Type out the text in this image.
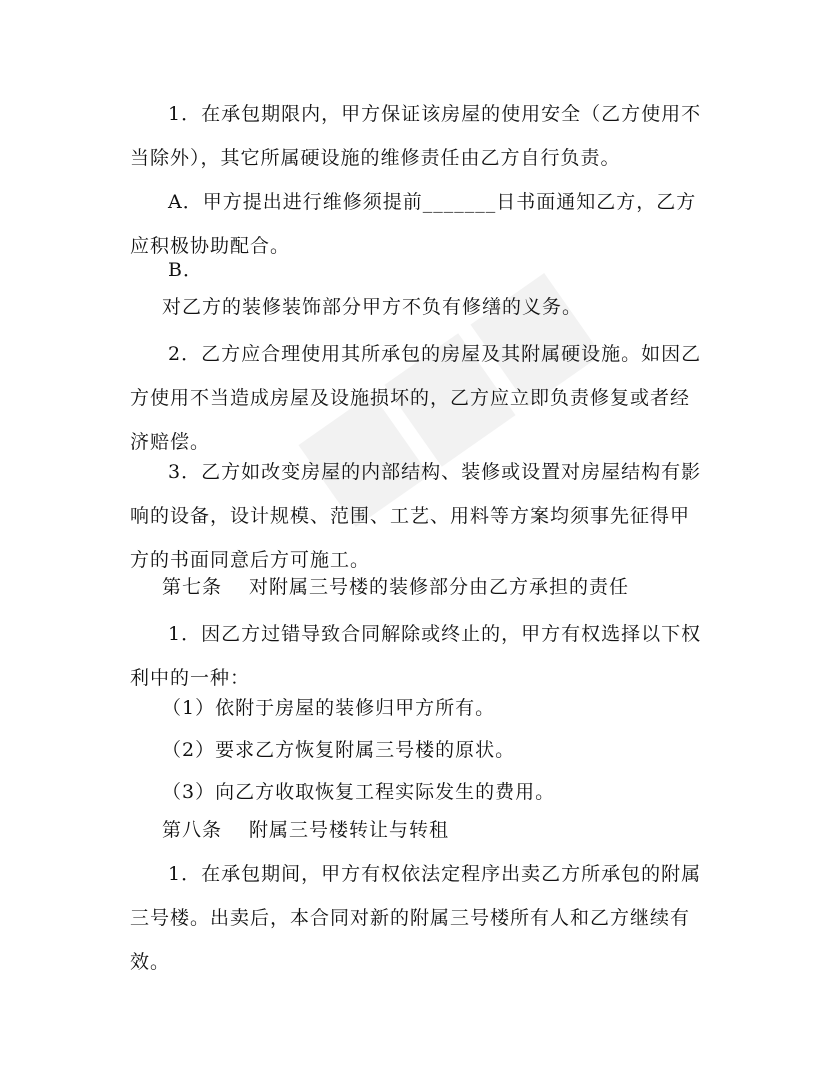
1．在承包期限内，甲方保证该房屋的使用安全（乙方使用不当除外），其它所属硬设施的维修责任由乙方自行负责。

A．甲方提出进行维修须提前_______日书面通知乙方，乙方应积极协助配合。

B．

对乙方的装修装饰部分甲方不负有修缮的义务。

2．乙方应合理使用其所承包的房屋及其附属硬设施。如因乙方使用不当造成房屋及设施损坏的，乙方应立即负责修复或者经济赔偿。

3．乙方如改变房屋的内部结构、装修或设置对房屋结构有影响的设备，设计规模、范围、工艺、用料等方案均须事先征得甲方的书面同意后方可施工。

第七条　 对附属三号楼的装修部分由乙方承担的责任

1．因乙方过错导致合同解除或终止的，甲方有权选择以下权利中的一种：

（1）依附于房屋的装修归甲方所有。

（2）要求乙方恢复附属三号楼的原状。

（3）向乙方收取恢复工程实际发生的费用。

第八条　 附属三号楼转让与转租

1．在承包期间，甲方有权依法定程序出卖乙方所承包的附属三号楼。出卖后，本合同对新的附属三号楼所有人和乙方继续有效。
